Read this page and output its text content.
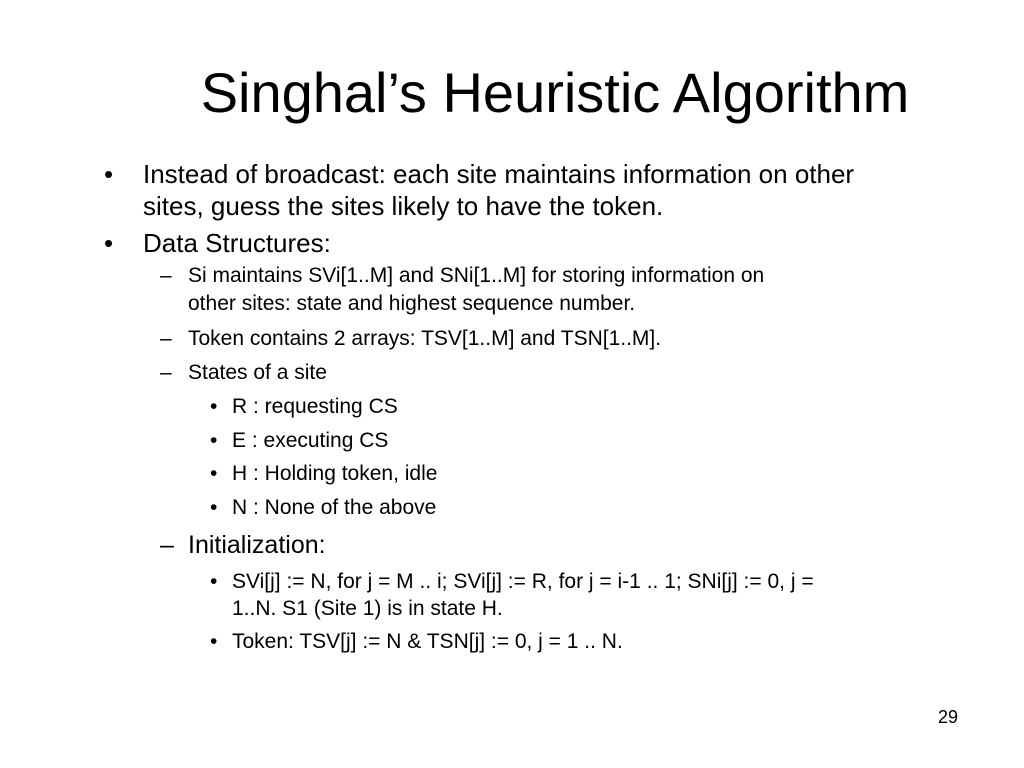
Singhal’s Heuristic Algorithm
• Instead of broadcast: each site maintains information on other
sites, guess the sites likely to have the token.
• Data Structures:
– Si maintains SVi[1..M] and SNi[1..M] for storing information on
other sites: state and highest sequence number.
– Token contains 2 arrays: TSV[1..M] and TSN[1..M].
– States of a site
• R : requesting CS
• E : executing CS
• H : Holding token, idle
• N : None of the above
– Initialization:
• SVi[j] := N, for j = M .. i; SVi[j] := R, for j = i-1 .. 1; SNi[j] := 0, j =
1..N. S1 (Site 1) is in state H.
• Token: TSV[j] := N & TSN[j] := 0, j = 1 .. N.
29
